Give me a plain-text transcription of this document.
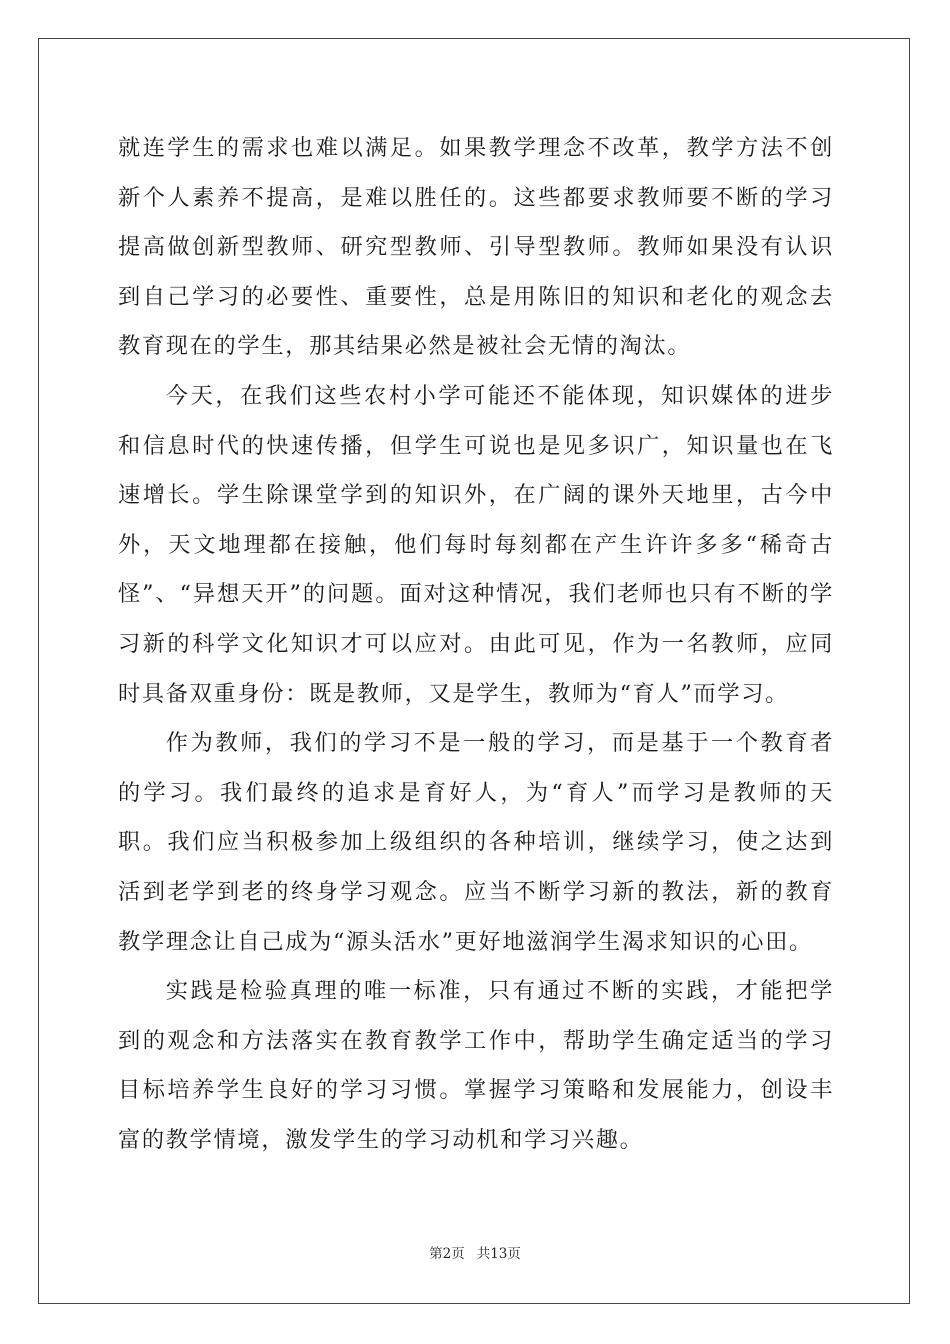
就连学生的需求也难以满足。如果教学理念不改革，教学方法不创新个人素养不提高，是难以胜任的。这些都要求教师要不断的学习提高做创新型教师、研究型教师、引导型教师。教师如果没有认识到自己学习的必要性、重要性，总是用陈旧的知识和老化的观念去教育现在的学生，那其结果必然是被社会无情的淘汰。

今天，在我们这些农村小学可能还不能体现，知识媒体的进步和信息时代的快速传播，但学生可说也是见多识广，知识量也在飞速增长。学生除课堂学到的知识外，在广阔的课外天地里，古今中外，天文地理都在接触，他们每时每刻都在产生许许多多“稀奇古怪”、“异想天开”的问题。面对这种情况，我们老师也只有不断的学习新的科学文化知识才可以应对。由此可见，作为一名教师，应同时具备双重身份：既是教师，又是学生，教师为“育人”而学习。

作为教师，我们的学习不是一般的学习，而是基于一个教育者的学习。我们最终的追求是育好人，为“育人”而学习是教师的天职。我们应当积极参加上级组织的各种培训，继续学习，使之达到活到老学到老的终身学习观念。应当不断学习新的教法，新的教育教学理念让自己成为“源头活水”更好地滋润学生渴求知识的心田。

实践是检验真理的唯一标准，只有通过不断的实践，才能把学到的观念和方法落实在教育教学工作中，帮助学生确定适当的学习目标培养学生良好的学习习惯。掌握学习策略和发展能力，创设丰富的教学情境，激发学生的学习动机和学习兴趣。

第2页 共13页
